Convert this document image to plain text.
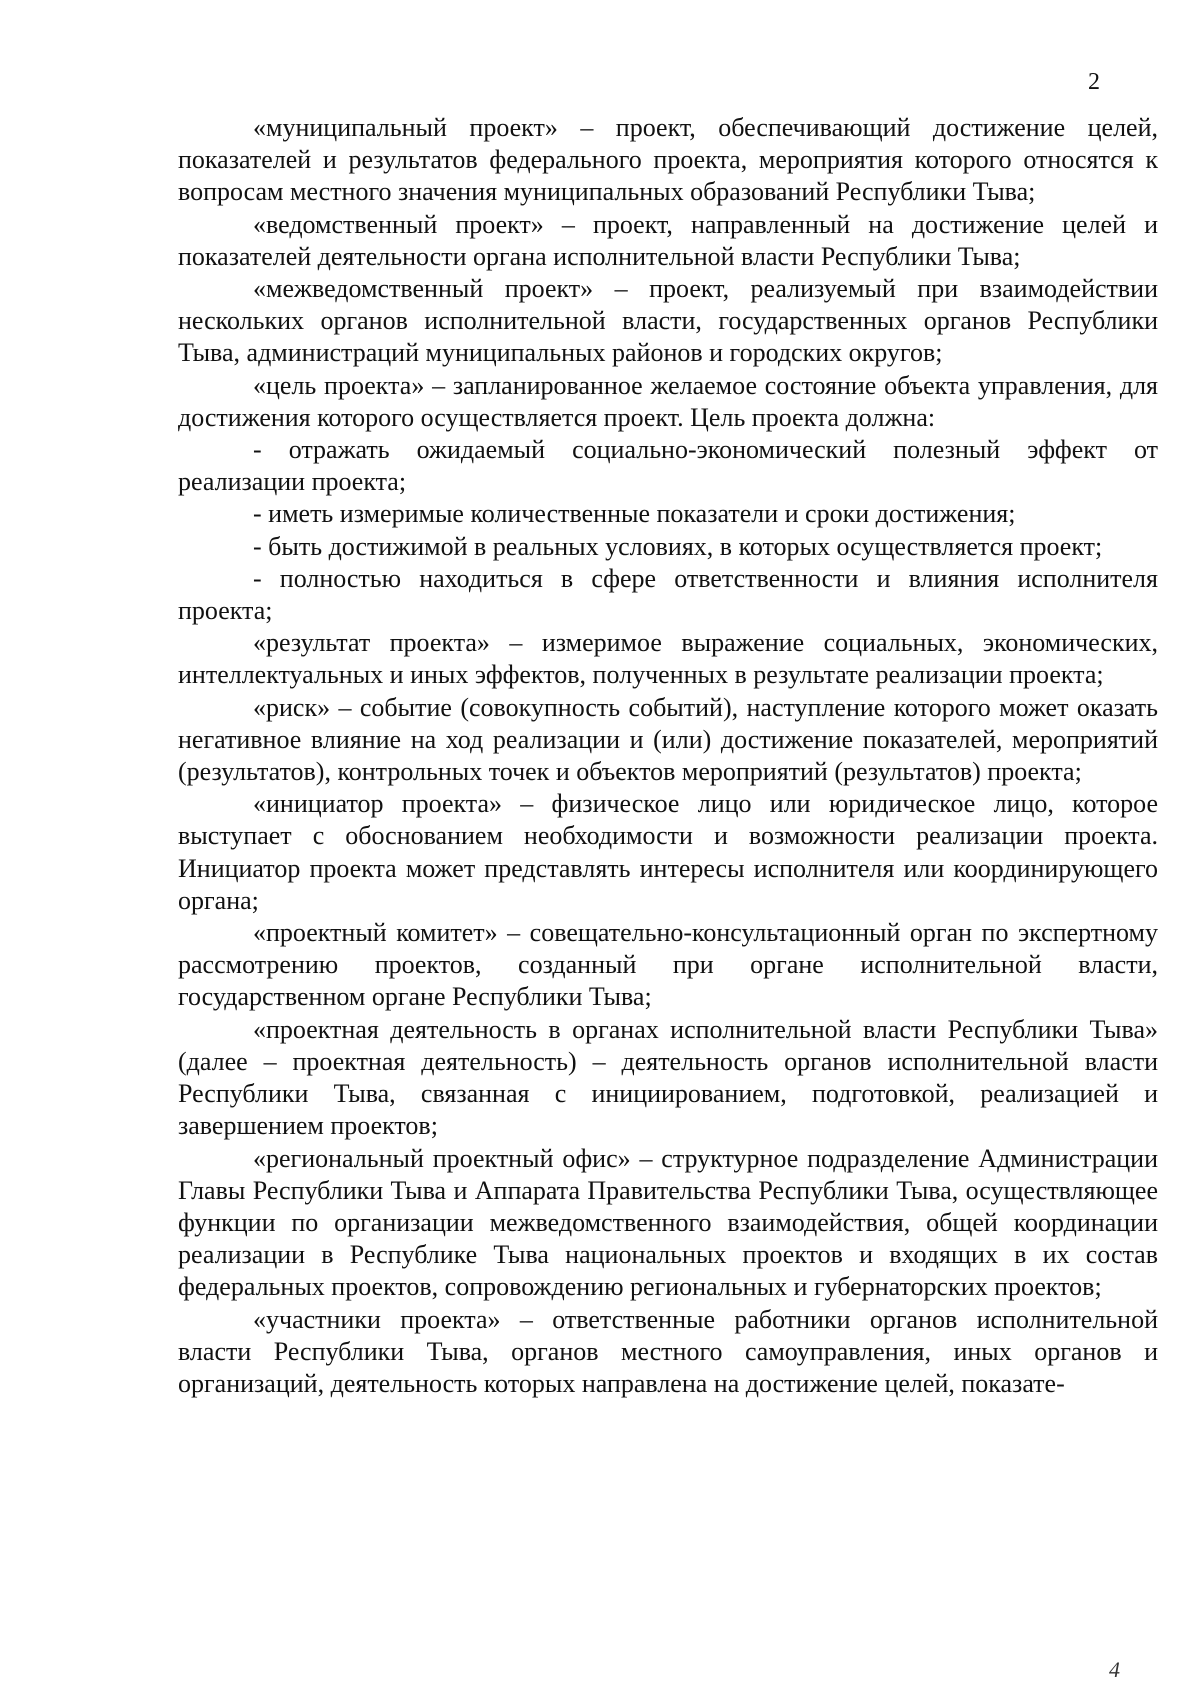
2

«муниципальный проект» – проект, обеспечивающий достижение целей, показателей и результатов федерального проекта, мероприятия которого относятся к вопросам местного значения муниципальных образований Республики Тыва;

«ведомственный проект» – проект, направленный на достижение целей и показателей деятельности органа исполнительной власти Республики Тыва;

«межведомственный проект» – проект, реализуемый при взаимодействии нескольких органов исполнительной власти, государственных органов Республики Тыва, администраций муниципальных районов и городских округов;

«цель проекта» – запланированное желаемое состояние объекта управления, для достижения которого осуществляется проект. Цель проекта должна:

- отражать ожидаемый социально-экономический полезный эффект от реализации проекта;

- иметь измеримые количественные показатели и сроки достижения;

- быть достижимой в реальных условиях, в которых осуществляется проект;

- полностью находиться в сфере ответственности и влияния исполнителя проекта;

«результат проекта» – измеримое выражение социальных, экономических, интеллектуальных и иных эффектов, полученных в результате реализации проекта;

«риск» – событие (совокупность событий), наступление которого может оказать негативное влияние на ход реализации и (или) достижение показателей, мероприятий (результатов), контрольных точек и объектов мероприятий (результатов) проекта;

«инициатор проекта» – физическое лицо или юридическое лицо, которое выступает с обоснованием необходимости и возможности реализации проекта. Инициатор проекта может представлять интересы исполнителя или координирующего органа;

«проектный комитет» – совещательно-консультационный орган по экспертному рассмотрению проектов, созданный при органе исполнительной власти, государственном органе Республики Тыва;

«проектная деятельность в органах исполнительной власти Республики Тыва» (далее – проектная деятельность) – деятельность органов исполнительной власти Республики Тыва, связанная с инициированием, подготовкой, реализацией и завершением проектов;

«региональный проектный офис» – структурное подразделение Администрации Главы Республики Тыва и Аппарата Правительства Республики Тыва, осуществляющее функции по организации межведомственного взаимодействия, общей координации реализации в Республике Тыва национальных проектов и входящих в их состав федеральных проектов, сопровождению региональных и губернаторских проектов;

«участники проекта» – ответственные работники органов исполнительной власти Республики Тыва, органов местного самоуправления, иных органов и организаций, деятельность которых направлена на достижение целей, показате-

4
